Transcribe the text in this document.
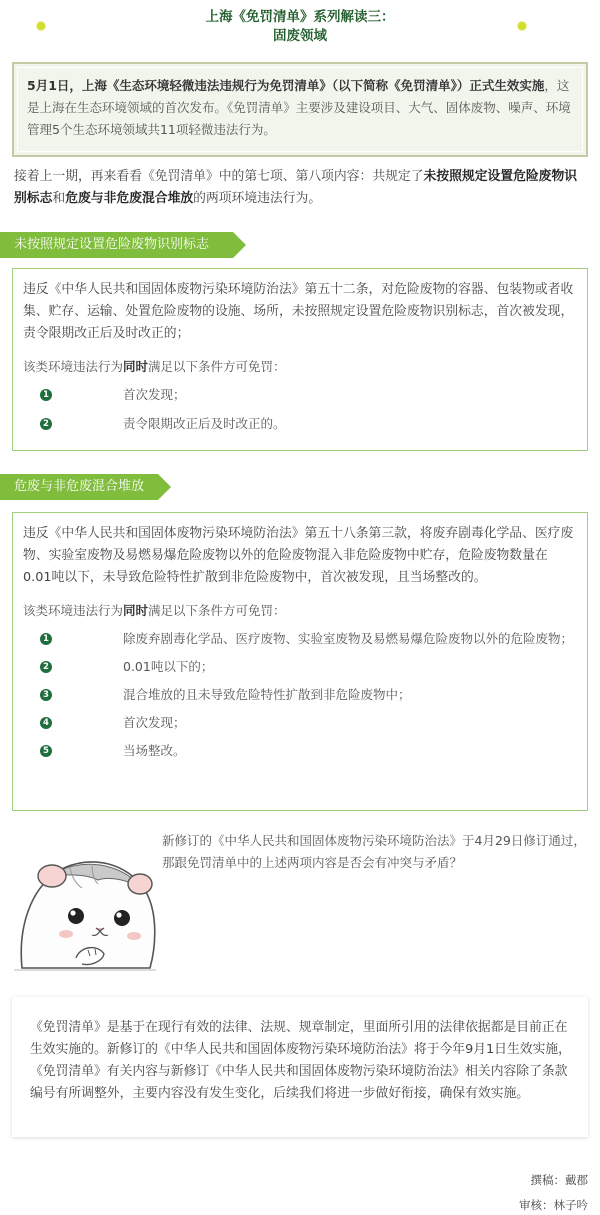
上海《免罚清单》系列解读三：
固废领域
5月1日，上海《生态环境轻微违法违规行为免罚清单》（以下简称《免罚清单》）正式生效实施，这是上海在生态环境领域的首次发布。《免罚清单》主要涉及建设项目、大气、固体废物、噪声、环境管理5个生态环境领域共11项轻微违法行为。
接着上一期，再来看看《免罚清单》中的第七项、第八项内容：共规定了未按照规定设置危险废物识别标志和危废与非危废混合堆放的两项环境违法行为。
未按照规定设置危险废物识别标志
违反《中华人民共和国固体废物污染环境防治法》第五十二条，对危险废物的容器、包装物或者收集、贮存、运输、处置危险废物的设施、场所，未按照规定设置危险废物识别标志，首次被发现，责令限期改正后及时改正的；
该类环境违法行为同时满足以下条件方可免罚：
1	首次发现；
2	责令限期改正后及时改正的。
危废与非危废混合堆放
违反《中华人民共和国固体废物污染环境防治法》第五十八条第三款，将废弃剧毒化学品、医疗废物、实验室废物及易燃易爆危险废物以外的危险废物混入非危险废物中贮存，危险废物数量在0.01吨以下，未导致危险特性扩散到非危险废物中，首次被发现，且当场整改的。
该类环境违法行为同时满足以下条件方可免罚：
1	除废弃剧毒化学品、医疗废物、实验室废物及易燃易爆危险废物以外的危险废物；
2	0.01吨以下的；
3	混合堆放的且未导致危险特性扩散到非危险废物中；
4	首次发现；
5	当场整改。
新修订的《中华人民共和国固体废物污染环境防治法》于4月29日修订通过，那跟免罚清单中的上述两项内容是否会有冲突与矛盾？
《免罚清单》是基于在现行有效的法律、法规、规章制定，里面所引用的法律依据都是目前正在生效实施的。新修订的《中华人民共和国固体废物污染环境防治法》将于今年9月1日生效实施，《免罚清单》有关内容与新修订《中华人民共和国固体废物污染环境防治法》相关内容除了条款编号有所调整外，主要内容没有发生变化，后续我们将进一步做好衔接，确保有效实施。
撰稿：戴郡
审核：林子吟
